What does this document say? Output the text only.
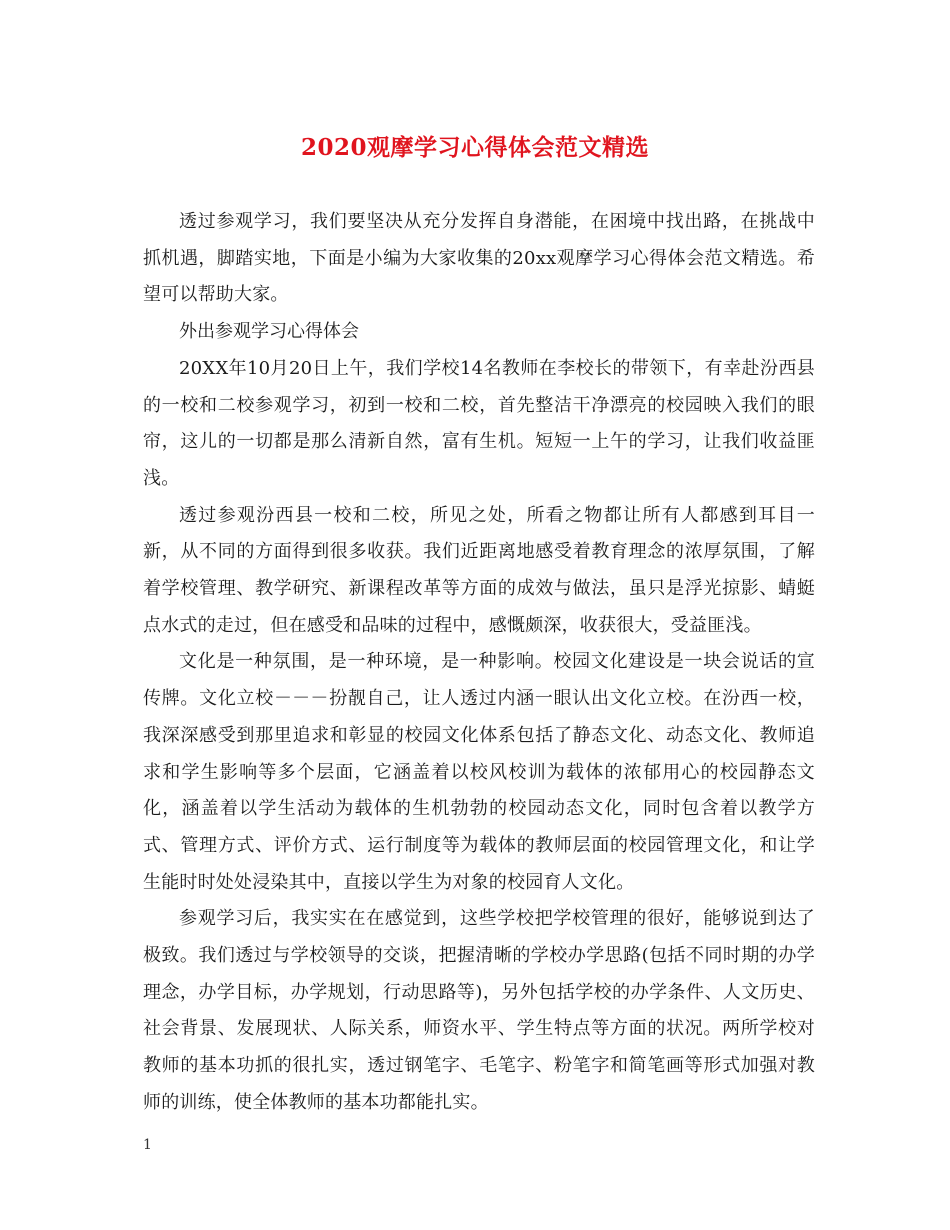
2020观摩学习心得体会范文精选

透过参观学习，我们要坚决从充分发挥自身潜能，在困境中找出路，在挑战中抓机遇，脚踏实地，下面是小编为大家收集的20xx观摩学习心得体会范文精选。希望可以帮助大家。

外出参观学习心得体会

20XX年10月20日上午，我们学校14名教师在李校长的带领下，有幸赴汾西县的一校和二校参观学习，初到一校和二校，首先整洁干净漂亮的校园映入我们的眼帘，这儿的一切都是那么清新自然，富有生机。短短一上午的学习，让我们收益匪浅。

透过参观汾西县一校和二校，所见之处，所看之物都让所有人都感到耳目一新，从不同的方面得到很多收获。我们近距离地感受着教育理念的浓厚氛围，了解着学校管理、教学研究、新课程改革等方面的成效与做法，虽只是浮光掠影、蜻蜓点水式的走过，但在感受和品味的过程中，感慨颇深，收获很大，受益匪浅。

文化是一种氛围，是一种环境，是一种影响。校园文化建设是一块会说话的宣传牌。文化立校－－－扮靓自己，让人透过内涵一眼认出文化立校。在汾西一校，我深深感受到那里追求和彰显的校园文化体系包括了静态文化、动态文化、教师追求和学生影响等多个层面，它涵盖着以校风校训为载体的浓郁用心的校园静态文化，涵盖着以学生活动为载体的生机勃勃的校园动态文化，同时包含着以教学方式、管理方式、评价方式、运行制度等为载体的教师层面的校园管理文化，和让学生能时时处处浸染其中，直接以学生为对象的校园育人文化。

参观学习后，我实实在在感觉到，这些学校把学校管理的很好，能够说到达了极致。我们透过与学校领导的交谈，把握清晰的学校办学思路(包括不同时期的办学理念，办学目标，办学规划，行动思路等)，另外包括学校的办学条件、人文历史、社会背景、发展现状、人际关系，师资水平、学生特点等方面的状况。两所学校对教师的基本功抓的很扎实，透过钢笔字、毛笔字、粉笔字和简笔画等形式加强对教师的训练，使全体教师的基本功都能扎实。

1
